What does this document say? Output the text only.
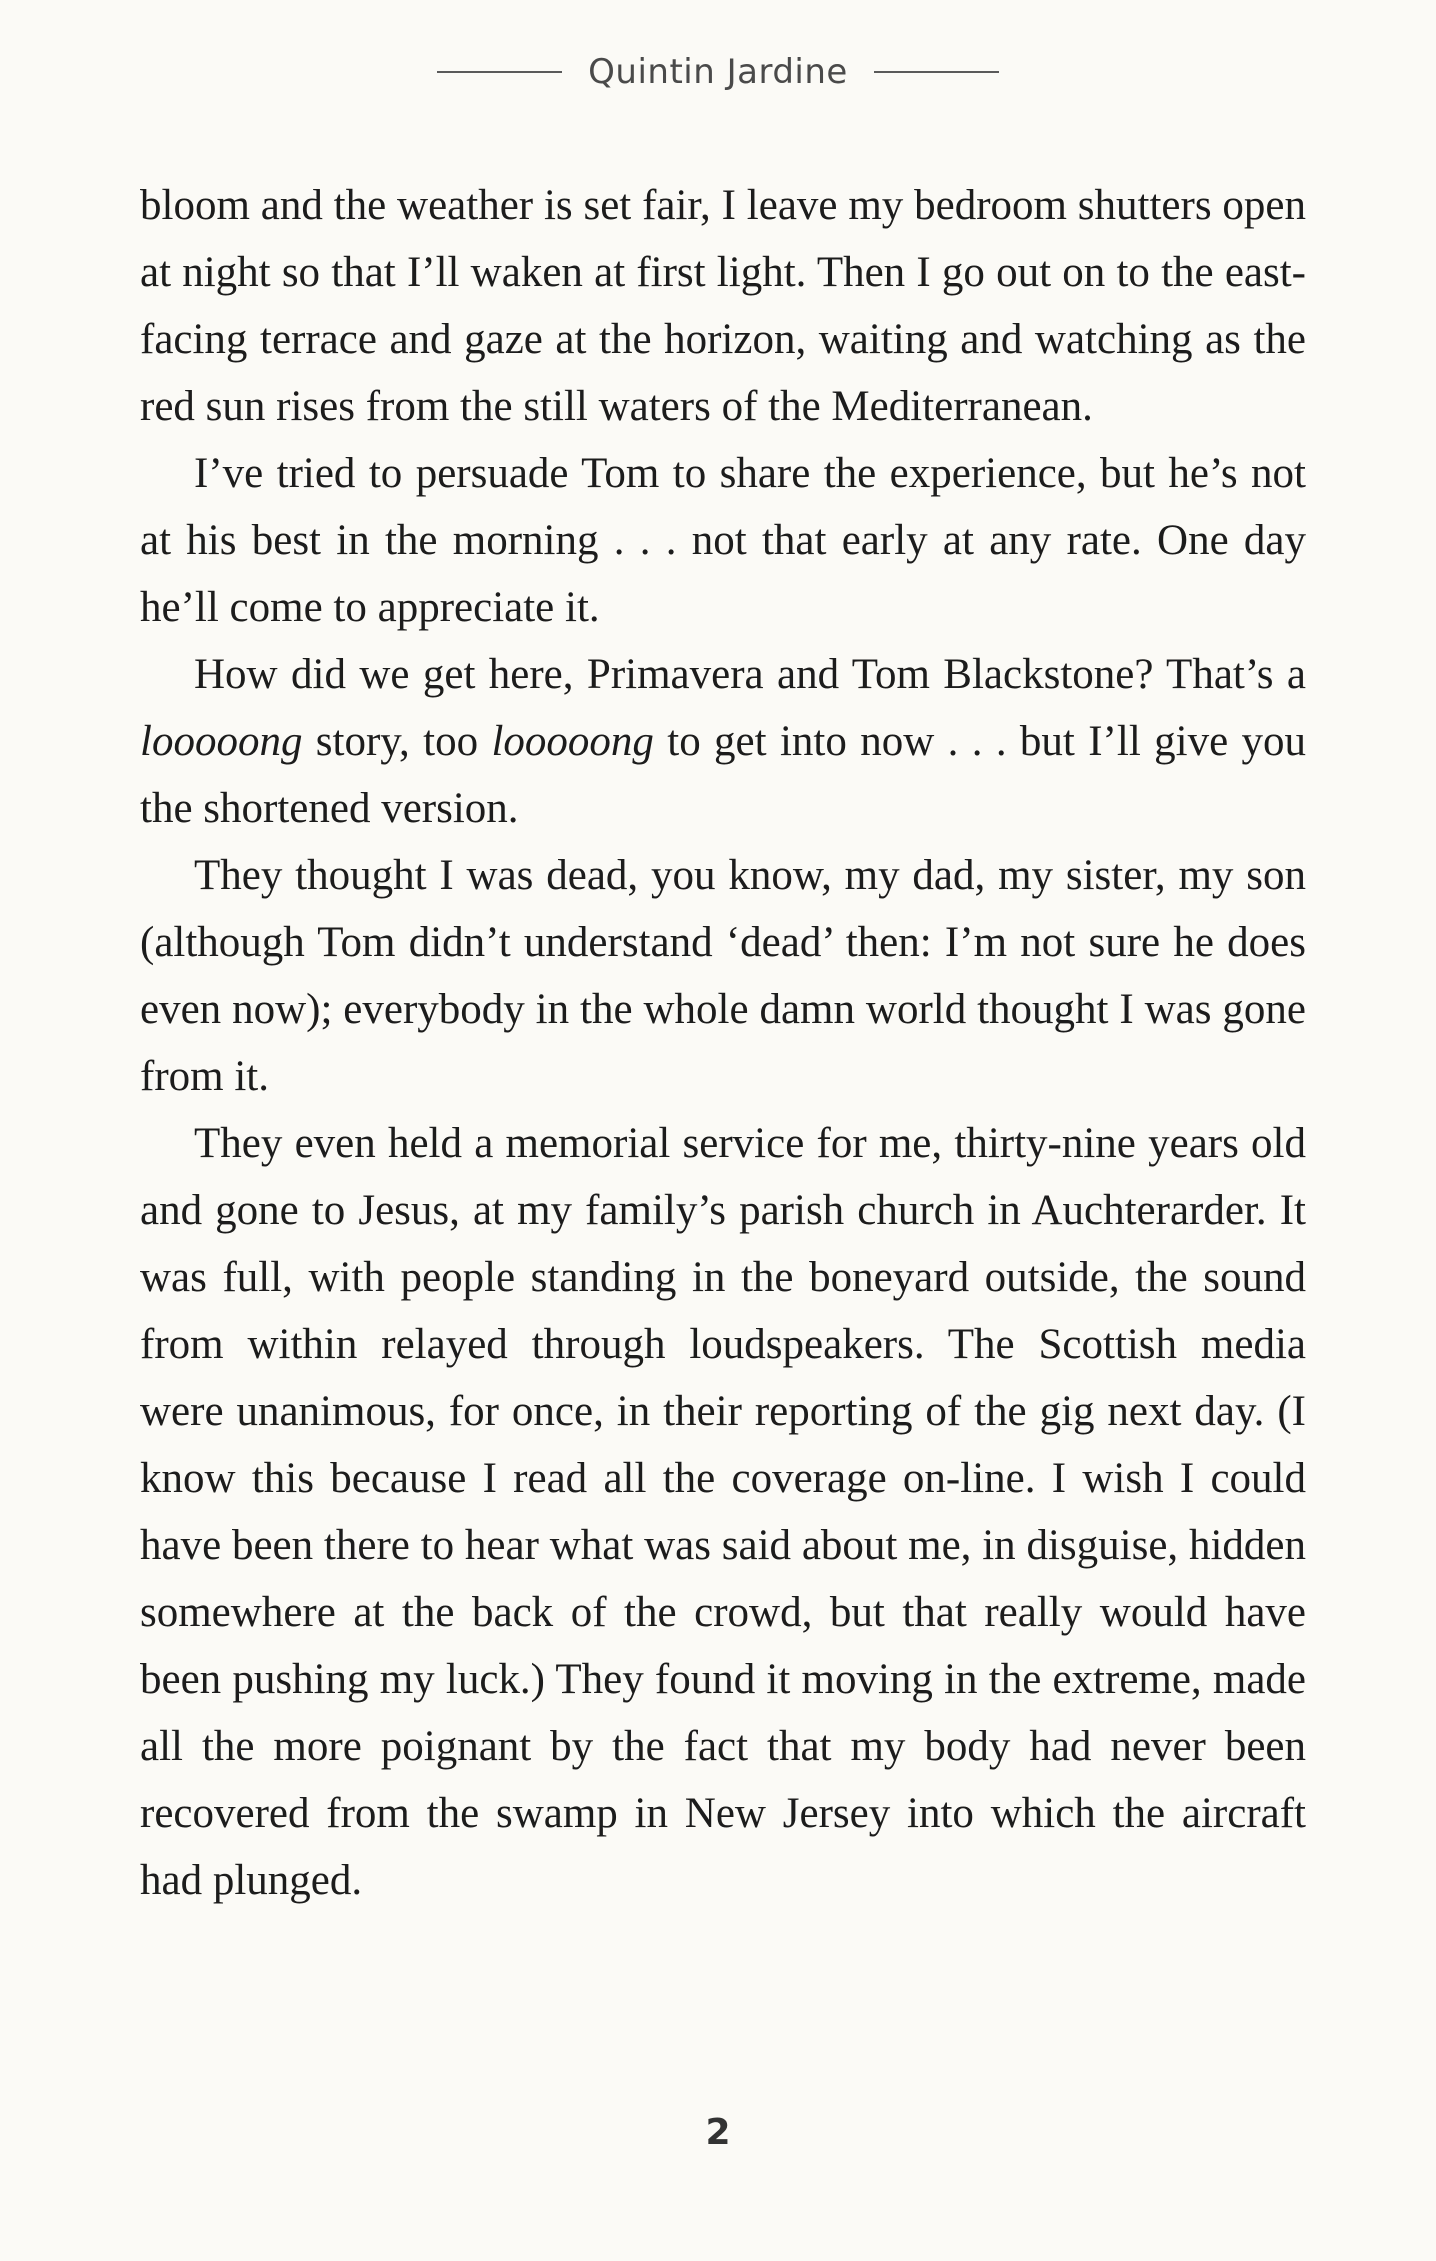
Quintin Jardine

bloom and the weather is set fair, I leave my bedroom shutters open at night so that I’ll waken at first light. Then I go out on to the east-facing terrace and gaze at the horizon, waiting and watching as the red sun rises from the still waters of the Mediterranean.

I’ve tried to persuade Tom to share the experience, but he’s not at his best in the morning . . . not that early at any rate. One day he’ll come to appreciate it.

How did we get here, Primavera and Tom Blackstone? That’s a looooong story, too looooong to get into now . . . but I’ll give you the shortened version.

They thought I was dead, you know, my dad, my sister, my son (although Tom didn’t understand ‘dead’ then: I’m not sure he does even now); everybody in the whole damn world thought I was gone from it.

They even held a memorial service for me, thirty-nine years old and gone to Jesus, at my family’s parish church in Auchterarder. It was full, with people standing in the boneyard outside, the sound from within relayed through loudspeakers. The Scottish media were unanimous, for once, in their reporting of the gig next day. (I know this because I read all the coverage on-line. I wish I could have been there to hear what was said about me, in disguise, hidden somewhere at the back of the crowd, but that really would have been pushing my luck.) They found it moving in the extreme, made all the more poignant by the fact that my body had never been recovered from the swamp in New Jersey into which the aircraft had plunged.

2
